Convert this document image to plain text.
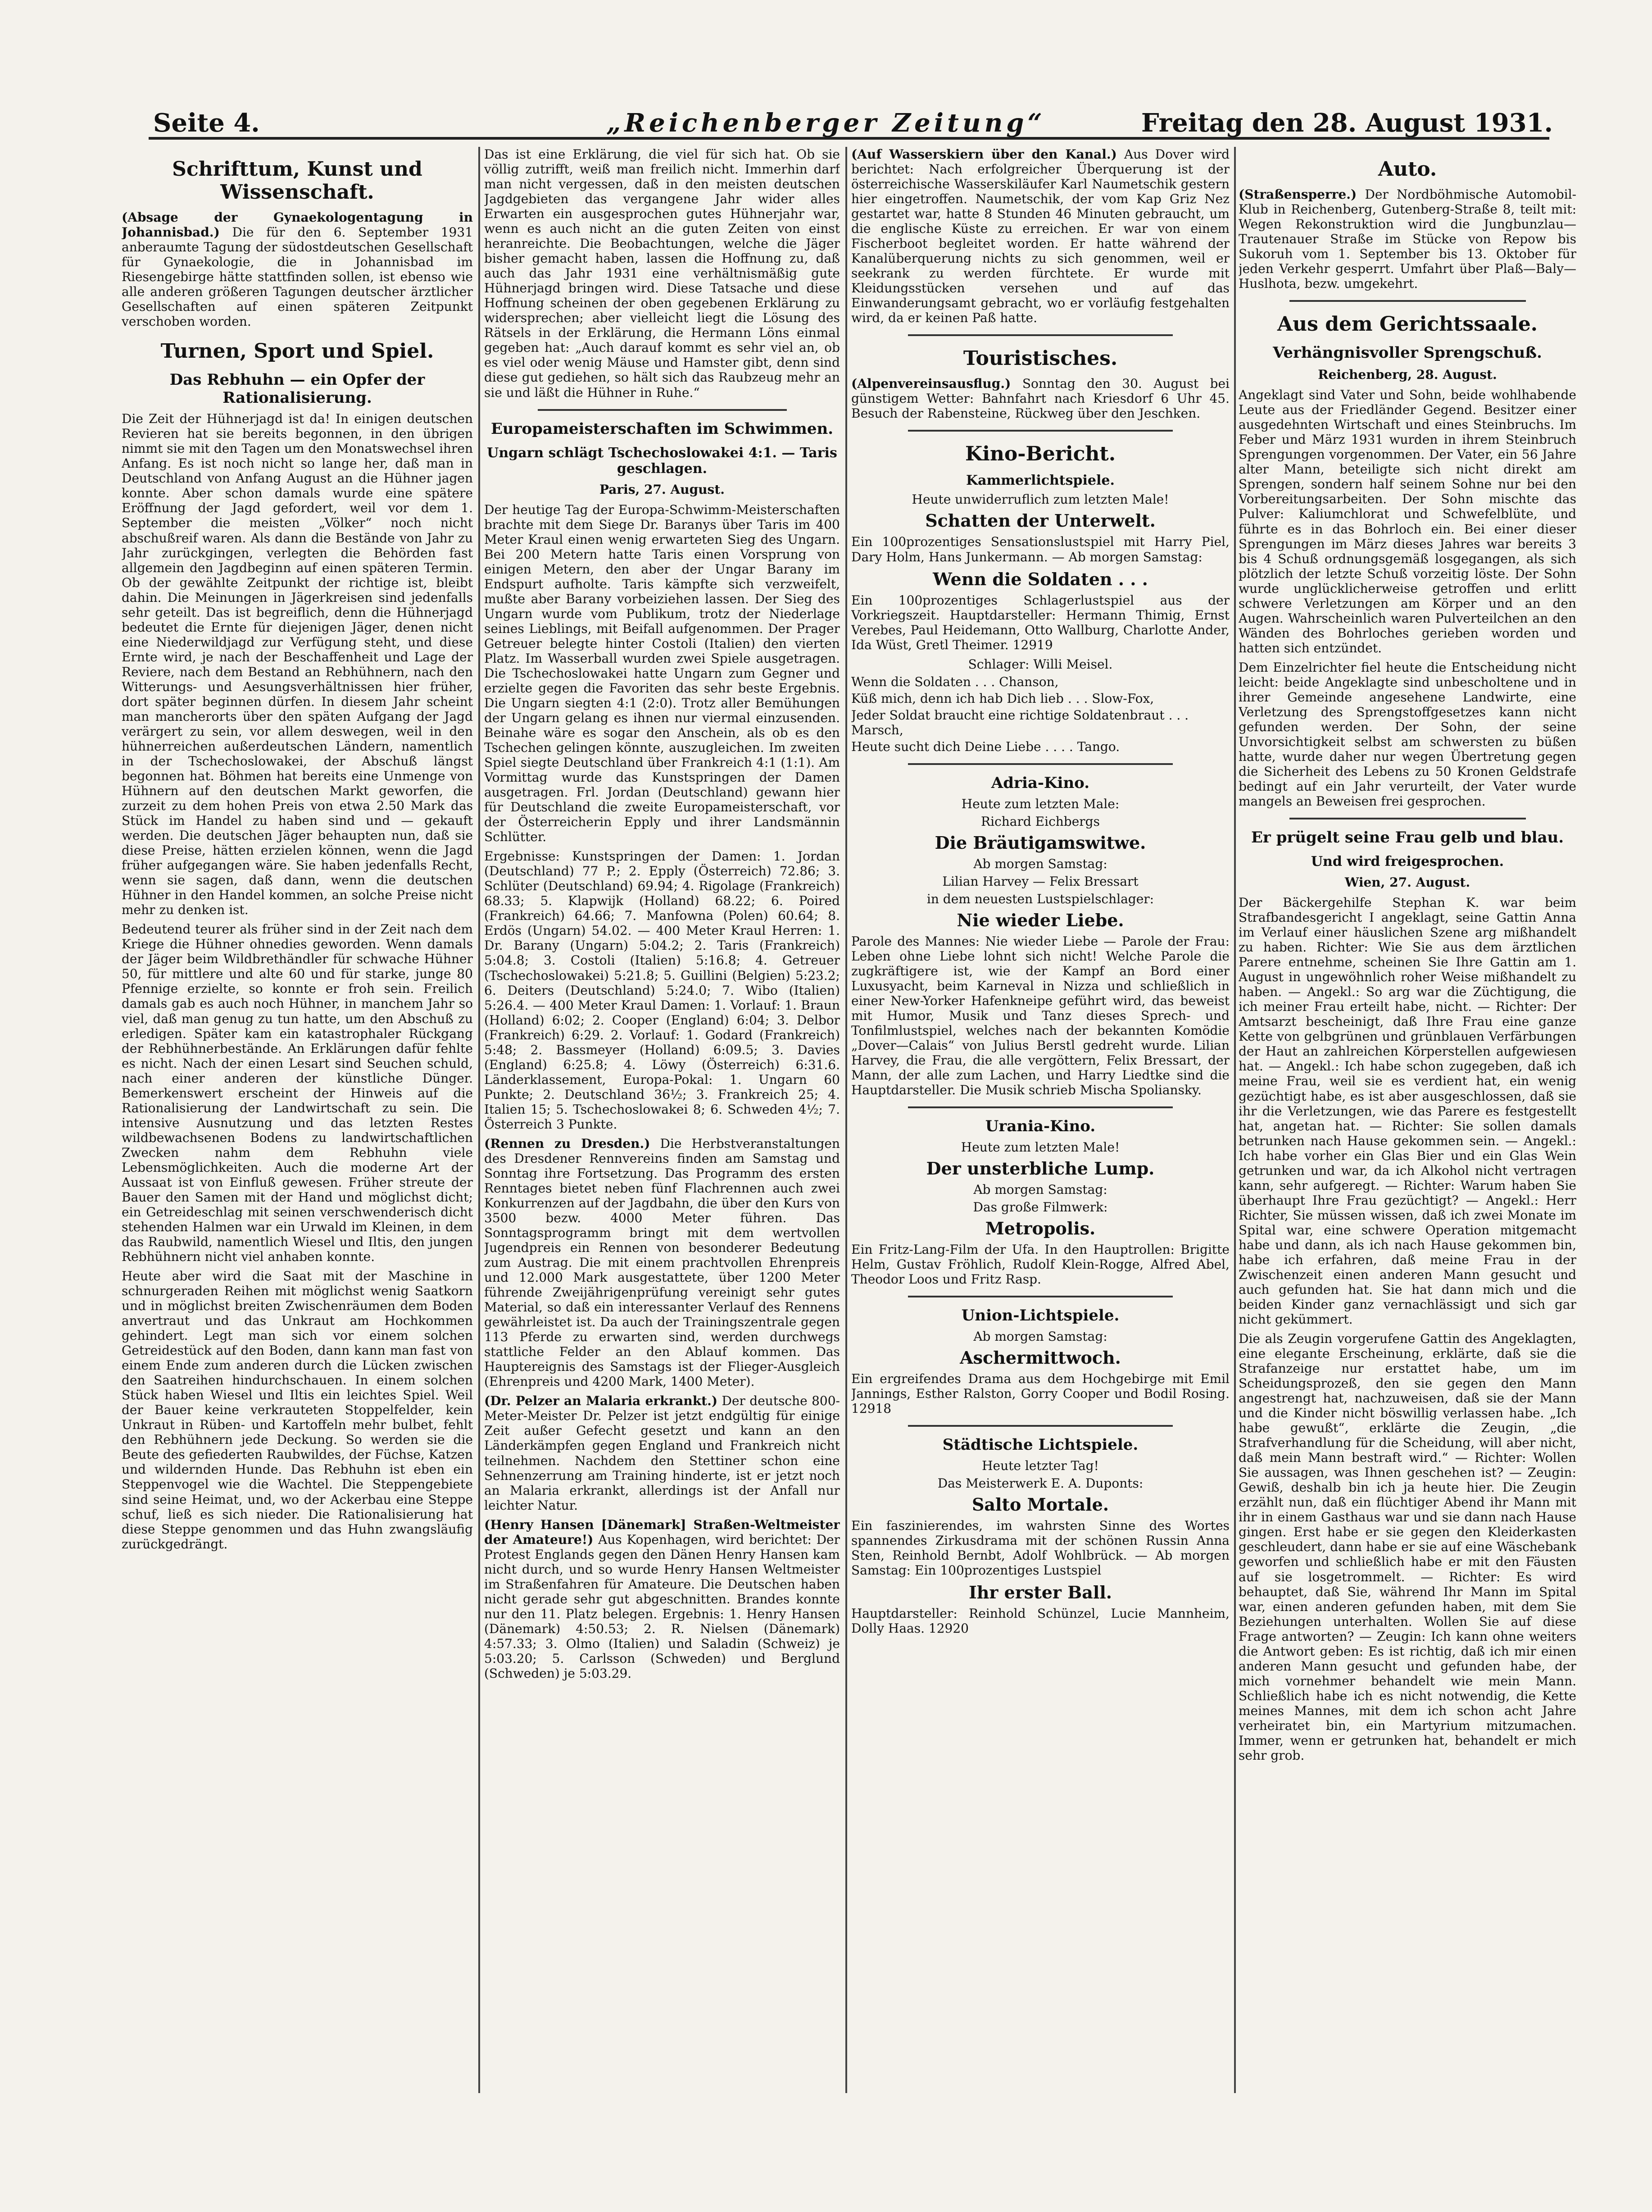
Seite 4.	„Reichenberger Zeitung“	Freitag den 28. August 1931.
Schrifttum, Kunst und Wissenschaft.
(Absage der Gynaekologentagung in Johannisbad.) Die für den 6. September 1931 anberaumte Tagung der südostdeutschen Gesellschaft für Gynaekologie, die in Johannisbad im Riesengebirge hätte stattfinden sollen, ist ebenso wie alle anderen größeren Tagungen deutscher ärztlicher Gesellschaften auf einen späteren Zeitpunkt verschoben worden.
Turnen, Sport und Spiel.
Das Rebhuhn — ein Opfer der Rationalisierung.
Die Zeit der Hühnerjagd ist da! In einigen deutschen Revieren hat sie bereits begonnen, in den übrigen nimmt sie mit den Tagen um den Monatswechsel ihren Anfang. Es ist noch nicht so lange her, daß man in Deutschland von Anfang August an die Hühner jagen konnte. Aber schon damals wurde eine spätere Eröffnung der Jagd gefordert, weil vor dem 1. September die meisten „Völker“ noch nicht abschußreif waren. Als dann die Bestände von Jahr zu Jahr zurückgingen, verlegten die Behörden fast allgemein den Jagdbeginn auf einen späteren Termin. Ob der gewählte Zeitpunkt der richtige ist, bleibt dahin. Die Meinungen in Jägerkreisen sind jedenfalls sehr geteilt. Das ist begreiflich, denn die Hühnerjagd bedeutet die Ernte für diejenigen Jäger, denen nicht eine Niederwildjagd zur Verfügung steht, und diese Ernte wird, je nach der Beschaffenheit und Lage der Reviere, nach dem Bestand an Rebhühnern, nach den Witterungs- und Aesungsverhältnissen hier früher, dort später beginnen dürfen. In diesem Jahr scheint man mancherorts über den späten Aufgang der Jagd verärgert zu sein, vor allem deswegen, weil in den hühnerreichen außerdeutschen Ländern, namentlich in der Tschechoslowakei, der Abschuß längst begonnen hat. Böhmen hat bereits eine Unmenge von Hühnern auf den deutschen Markt geworfen, die zurzeit zu dem hohen Preis von etwa 2.50 Mark das Stück im Handel zu haben sind und — gekauft werden. Die deutschen Jäger behaupten nun, daß sie diese Preise, hätten erzielen können, wenn die Jagd früher aufgegangen wäre. Sie haben jedenfalls Recht, wenn sie sagen, daß dann, wenn die deutschen Hühner in den Handel kommen, an solche Preise nicht mehr zu denken ist.
Bedeutend teurer als früher sind in der Zeit nach dem Kriege die Hühner ohnedies geworden. Wenn damals der Jäger beim Wildbrethändler für schwache Hühner 50, für mittlere und alte 60 und für starke, junge 80 Pfennige erzielte, so konnte er froh sein. Freilich damals gab es auch noch Hühner, in manchem Jahr so viel, daß man genug zu tun hatte, um den Abschuß zu erledigen. Später kam ein katastrophaler Rückgang der Rebhühnerbestände. An Erklärungen dafür fehlte es nicht. Nach der einen Lesart sind Seuchen schuld, nach einer anderen der künstliche Dünger. Bemerkenswert erscheint der Hinweis auf die Rationalisierung der Landwirtschaft zu sein. Die intensive Ausnutzung und das letzten Restes wildbewachsenen Bodens zu landwirtschaftlichen Zwecken nahm dem Rebhuhn viele Lebensmöglichkeiten. Auch die moderne Art der Aussaat ist von Einfluß gewesen. Früher streute der Bauer den Samen mit der Hand und möglichst dicht; ein Getreideschlag mit seinen verschwenderisch dicht stehenden Halmen war ein Urwald im Kleinen, in dem das Raubwild, namentlich Wiesel und Iltis, den jungen Rebhühnern nicht viel anhaben konnte.
Heute aber wird die Saat mit der Maschine in schnurgeraden Reihen mit möglichst wenig Saatkorn und in möglichst breiten Zwischenräumen dem Boden anvertraut und das Unkraut am Hochkommen gehindert. Legt man sich vor einem solchen Getreidestück auf den Boden, dann kann man fast von einem Ende zum anderen durch die Lücken zwischen den Saatreihen hindurchschauen. In einem solchen Stück haben Wiesel und Iltis ein leichtes Spiel. Weil der Bauer keine verkrauteten Stoppelfelder, kein Unkraut in Rüben- und Kartoffeln mehr bulbet, fehlt den Rebhühnern jede Deckung. So werden sie die Beute des gefiederten Raubwildes, der Füchse, Katzen und wildernden Hunde. Das Rebhuhn ist eben ein Steppenvogel wie die Wachtel. Die Steppengebiete sind seine Heimat, und, wo der Ackerbau eine Steppe schuf, ließ es sich nieder. Die Rationalisierung hat diese Steppe genommen und das Huhn zwangsläufig zurückgedrängt.
Das ist eine Erklärung, die viel für sich hat. Ob sie völlig zutrifft, weiß man freilich nicht. Immerhin darf man nicht vergessen, daß in den meisten deutschen Jagdgebieten das vergangene Jahr wider alles Erwarten ein ausgesprochen gutes Hühnerjahr war, wenn es auch nicht an die guten Zeiten von einst heranreichte. Die Beobachtungen, welche die Jäger bisher gemacht haben, lassen die Hoffnung zu, daß auch das Jahr 1931 eine verhältnismäßig gute Hühnerjagd bringen wird. Diese Tatsache und diese Hoffnung scheinen der oben gegebenen Erklärung zu widersprechen; aber vielleicht liegt die Lösung des Rätsels in der Erklärung, die Hermann Löns einmal gegeben hat: „Auch darauf kommt es sehr viel an, ob es viel oder wenig Mäuse und Hamster gibt, denn sind diese gut gediehen, so hält sich das Raubzeug mehr an sie und läßt die Hühner in Ruhe.“
Europameisterschaften im Schwimmen.
Ungarn schlägt Tschechoslowakei 4:1. — Taris geschlagen.
Paris, 27. August.
Der heutige Tag der Europa-Schwimm-Meisterschaften brachte mit dem Siege Dr. Baranys über Taris im 400 Meter Kraul einen wenig erwarteten Sieg des Ungarn. Bei 200 Metern hatte Taris einen Vorsprung von einigen Metern, den aber der Ungar Barany im Endspurt aufholte. Taris kämpfte sich verzweifelt, mußte aber Barany vorbeiziehen lassen. Der Sieg des Ungarn wurde vom Publikum, trotz der Niederlage seines Lieblings, mit Beifall aufgenommen. Der Prager Getreuer belegte hinter Costoli (Italien) den vierten Platz. Im Wasserball wurden zwei Spiele ausgetragen. Die Tschechoslowakei hatte Ungarn zum Gegner und erzielte gegen die Favoriten das sehr beste Ergebnis. Die Ungarn siegten 4:1 (2:0). Trotz aller Bemühungen der Ungarn gelang es ihnen nur viermal einzusenden. Beinahe wäre es sogar den Anschein, als ob es den Tschechen gelingen könnte, auszugleichen. Im zweiten Spiel siegte Deutschland über Frankreich 4:1 (1:1). Am Vormittag wurde das Kunstspringen der Damen ausgetragen. Frl. Jordan (Deutschland) gewann hier für Deutschland die zweite Europameisterschaft, vor der Österreicherin Epply und ihrer Landsmännin Schlütter.
Ergebnisse: Kunstspringen der Damen: 1. Jordan (Deutschland) 77 P.; 2. Epply (Österreich) 72.86; 3. Schlüter (Deutschland) 69.94; 4. Rigolage (Frankreich) 68.33; 5. Klapwijk (Holland) 68.22; 6. Poired (Frankreich) 64.66; 7. Manfowna (Polen) 60.64; 8. Erdös (Ungarn) 54.02. — 400 Meter Kraul Herren: 1. Dr. Barany (Ungarn) 5:04.2; 2. Taris (Frankreich) 5:04.8; 3. Costoli (Italien) 5:16.8; 4. Getreuer (Tschechoslowakei) 5:21.8; 5. Guillini (Belgien) 5:23.2; 6. Deiters (Deutschland) 5:24.0; 7. Wibo (Italien) 5:26.4. — 400 Meter Kraul Damen: 1. Vorlauf: 1. Braun (Holland) 6:02; 2. Cooper (England) 6:04; 3. Delbor (Frankreich) 6:29. 2. Vorlauf: 1. Godard (Frankreich) 5:48; 2. Bassmeyer (Holland) 6:09.5; 3. Davies (England) 6:25.8; 4. Löwy (Österreich) 6:31.6. Länderklassement, Europa-Pokal: 1. Ungarn 60 Punkte; 2. Deutschland 36½; 3. Frankreich 25; 4. Italien 15; 5. Tschechoslowakei 8; 6. Schweden 4½; 7. Österreich 3 Punkte.
(Rennen zu Dresden.) Die Herbstveranstaltungen des Dresdener Rennvereins finden am Samstag und Sonntag ihre Fortsetzung. Das Programm des ersten Renntages bietet neben fünf Flachrennen auch zwei Konkurrenzen auf der Jagdbahn, die über den Kurs von 3500 bezw. 4000 Meter führen. Das Sonntagsprogramm bringt mit dem wertvollen Jugendpreis ein Rennen von besonderer Bedeutung zum Austrag. Die mit einem prachtvollen Ehrenpreis und 12.000 Mark ausgestattete, über 1200 Meter führende Zweijährigenprüfung vereinigt sehr gutes Material, so daß ein interessanter Verlauf des Rennens gewährleistet ist. Da auch der Trainingszentrale gegen 113 Pferde zu erwarten sind, werden durchwegs stattliche Felder an den Ablauf kommen. Das Hauptereignis des Samstags ist der Flieger-Ausgleich (Ehrenpreis und 4200 Mark, 1400 Meter).
(Dr. Pelzer an Malaria erkrankt.) Der deutsche 800-Meter-Meister Dr. Pelzer ist jetzt endgültig für einige Zeit außer Gefecht gesetzt und kann an den Länderkämpfen gegen England und Frankreich nicht teilnehmen. Nachdem den Stettiner schon eine Sehnenzerrung am Training hinderte, ist er jetzt noch an Malaria erkrankt, allerdings ist der Anfall nur leichter Natur.
(Henry Hansen [Dänemark] Straßen-Weltmeister der Amateure!) Aus Kopenhagen, wird berichtet: Der Protest Englands gegen den Dänen Henry Hansen kam nicht durch, und so wurde Henry Hansen Weltmeister im Straßenfahren für Amateure. Die Deutschen haben nicht gerade sehr gut abgeschnitten. Brandes konnte nur den 11. Platz belegen. Ergebnis: 1. Henry Hansen (Dänemark) 4:50.53; 2. R. Nielsen (Dänemark) 4:57.33; 3. Olmo (Italien) und Saladin (Schweiz) je 5:03.20; 5. Carlsson (Schweden) und Berglund (Schweden) je 5:03.29.
(Auf Wasserskiern über den Kanal.) Aus Dover wird berichtet: Nach erfolgreicher Überquerung ist der österreichische Wasserskiläufer Karl Naumetschik gestern hier eingetroffen. Naumetschik, der vom Kap Griz Nez gestartet war, hatte 8 Stunden 46 Minuten gebraucht, um die englische Küste zu erreichen. Er war von einem Fischerboot begleitet worden. Er hatte während der Kanalüberquerung nichts zu sich genommen, weil er seekrank zu werden fürchtete. Er wurde mit Kleidungsstücken versehen und auf das Einwanderungsamt gebracht, wo er vorläufig festgehalten wird, da er keinen Paß hatte.
Touristisches.
(Alpenvereinsausflug.) Sonntag den 30. August bei günstigem Wetter: Bahnfahrt nach Kriesdorf 6 Uhr 45. Besuch der Rabensteine, Rückweg über den Jeschken.
Kino-Bericht.
Kammerlichtspiele.
Heute unwiderruflich zum letzten Male!
Schatten der Unterwelt.
Ein 100prozentiges Sensationslustspiel mit Harry Piel, Dary Holm, Hans Junkermann. — Ab morgen Samstag:
Wenn die Soldaten . . .
Ein 100prozentiges Schlagerlustspiel aus der Vorkriegszeit. Hauptdarsteller: Hermann Thimig, Ernst Verebes, Paul Heidemann, Otto Wallburg, Charlotte Ander, Ida Wüst, Gretl Theimer. 12919
Schlager: Willi Meisel.
Wenn die Soldaten . . . Chanson,
Küß mich, denn ich hab Dich lieb . . . Slow-Fox,
Jeder Soldat braucht eine richtige Soldatenbraut . . . Marsch,
Heute sucht dich Deine Liebe . . . . Tango.
Adria-Kino.
Heute zum letzten Male:
Richard Eichbergs
Die Bräutigamswitwe.
Ab morgen Samstag:
Lilian Harvey — Felix Bressart
in dem neuesten Lustspielschlager:
Nie wieder Liebe.
Parole des Mannes: Nie wieder Liebe — Parole der Frau: Leben ohne Liebe lohnt sich nicht! Welche Parole die zugkräftigere ist, wie der Kampf an Bord einer Luxusyacht, beim Karneval in Nizza und schließlich in einer New-Yorker Hafenkneipe geführt wird, das beweist mit Humor, Musik und Tanz dieses Sprech- und Tonfilmlustspiel, welches nach der bekannten Komödie „Dover—Calais“ von Julius Berstl gedreht wurde. Lilian Harvey, die Frau, die alle vergöttern, Felix Bressart, der Mann, der alle zum Lachen, und Harry Liedtke sind die Hauptdarsteller. Die Musik schrieb Mischa Spoliansky.
Urania-Kino.
Heute zum letzten Male!
Der unsterbliche Lump.
Ab morgen Samstag:
Das große Filmwerk:
Metropolis.
Ein Fritz-Lang-Film der Ufa. In den Hauptrollen: Brigitte Helm, Gustav Fröhlich, Rudolf Klein-Rogge, Alfred Abel, Theodor Loos und Fritz Rasp.
Union-Lichtspiele.
Ab morgen Samstag:
Aschermittwoch.
Ein ergreifendes Drama aus dem Hochgebirge mit Emil Jannings, Esther Ralston, Gorry Cooper und Bodil Rosing. 12918
Städtische Lichtspiele.
Heute letzter Tag!
Das Meisterwerk E. A. Duponts:
Salto Mortale.
Ein faszinierendes, im wahrsten Sinne des Wortes spannendes Zirkusdrama mit der schönen Russin Anna Sten, Reinhold Bernbt, Adolf Wohlbrück. — Ab morgen Samstag: Ein 100prozentiges Lustspiel
Ihr erster Ball.
Hauptdarsteller: Reinhold Schünzel, Lucie Mannheim, Dolly Haas. 12920
Auto.
(Straßensperre.) Der Nordböhmische Automobil-Klub in Reichenberg, Gutenberg-Straße 8, teilt mit: Wegen Rekonstruktion wird die Jungbunzlau—Trautenauer Straße im Stücke von Repow bis Sukoruh vom 1. September bis 13. Oktober für jeden Verkehr gesperrt. Umfahrt über Plaß—Baly—Huslhota, bezw. umgekehrt.
Aus dem Gerichtssaale.
Verhängnisvoller Sprengschuß.
Reichenberg, 28. August.
Angeklagt sind Vater und Sohn, beide wohlhabende Leute aus der Friedländer Gegend. Besitzer einer ausgedehnten Wirtschaft und eines Steinbruchs. Im Feber und März 1931 wurden in ihrem Steinbruch Sprengungen vorgenommen. Der Vater, ein 56 Jahre alter Mann, beteiligte sich nicht direkt am Sprengen, sondern half seinem Sohne nur bei den Vorbereitungsarbeiten. Der Sohn mischte das Pulver: Kaliumchlorat und Schwefelblüte, und führte es in das Bohrloch ein. Bei einer dieser Sprengungen im März dieses Jahres war bereits 3 bis 4 Schuß ordnungsgemäß losgegangen, als sich plötzlich der letzte Schuß vorzeitig löste. Der Sohn wurde unglücklicherweise getroffen und erlitt schwere Verletzungen am Körper und an den Augen. Wahrscheinlich waren Pulverteilchen an den Wänden des Bohrloches gerieben worden und hatten sich entzündet.
Dem Einzelrichter fiel heute die Entscheidung nicht leicht: beide Angeklagte sind unbescholtene und in ihrer Gemeinde angesehene Landwirte, eine Verletzung des Sprengstoffgesetzes kann nicht gefunden werden. Der Sohn, der seine Unvorsichtigkeit selbst am schwersten zu büßen hatte, wurde daher nur wegen Übertretung gegen die Sicherheit des Lebens zu 50 Kronen Geldstrafe bedingt auf ein Jahr verurteilt, der Vater wurde mangels an Beweisen frei gesprochen.
Er prügelt seine Frau gelb und blau.
Und wird freigesprochen.
Wien, 27. August.
Der Bäckergehilfe Stephan K. war beim Strafbandesgericht I angeklagt, seine Gattin Anna im Verlauf einer häuslichen Szene arg mißhandelt zu haben. Richter: Wie Sie aus dem ärztlichen Parere entnehme, scheinen Sie Ihre Gattin am 1. August in ungewöhnlich roher Weise mißhandelt zu haben. — Angekl.: So arg war die Züchtigung, die ich meiner Frau erteilt habe, nicht. — Richter: Der Amtsarzt bescheinigt, daß Ihre Frau eine ganze Kette von gelbgrünen und grünblauen Verfärbungen der Haut an zahlreichen Körperstellen aufgewiesen hat. — Angekl.: Ich habe schon zugegeben, daß ich meine Frau, weil sie es verdient hat, ein wenig gezüchtigt habe, es ist aber ausgeschlossen, daß sie ihr die Verletzungen, wie das Parere es festgestellt hat, angetan hat. — Richter: Sie sollen damals betrunken nach Hause gekommen sein. — Angekl.: Ich habe vorher ein Glas Bier und ein Glas Wein getrunken und war, da ich Alkohol nicht vertragen kann, sehr aufgeregt. — Richter: Warum haben Sie überhaupt Ihre Frau gezüchtigt? — Angekl.: Herr Richter, Sie müssen wissen, daß ich zwei Monate im Spital war, eine schwere Operation mitgemacht habe und dann, als ich nach Hause gekommen bin, habe ich erfahren, daß meine Frau in der Zwischenzeit einen anderen Mann gesucht und auch gefunden hat. Sie hat dann mich und die beiden Kinder ganz vernachlässigt und sich gar nicht gekümmert.
Die als Zeugin vorgerufene Gattin des Angeklagten, eine elegante Erscheinung, erklärte, daß sie die Strafanzeige nur erstattet habe, um im Scheidungsprozeß, den sie gegen den Mann angestrengt hat, nachzuweisen, daß sie der Mann und die Kinder nicht böswillig verlassen habe. „Ich habe gewußt“, erklärte die Zeugin, „die Strafverhandlung für die Scheidung, will aber nicht, daß mein Mann bestraft wird.“ — Richter: Wollen Sie aussagen, was Ihnen geschehen ist? — Zeugin: Gewiß, deshalb bin ich ja heute hier. Die Zeugin erzählt nun, daß ein flüchtiger Abend ihr Mann mit ihr in einem Gasthaus war und sie dann nach Hause gingen. Erst habe er sie gegen den Kleiderkasten geschleudert, dann habe er sie auf eine Wäschebank geworfen und schließlich habe er mit den Fäusten auf sie losgetrommelt. — Richter: Es wird behauptet, daß Sie, während Ihr Mann im Spital war, einen anderen gefunden haben, mit dem Sie Beziehungen unterhalten. Wollen Sie auf diese Frage antworten? — Zeugin: Ich kann ohne weiters die Antwort geben: Es ist richtig, daß ich mir einen anderen Mann gesucht und gefunden habe, der mich vornehmer behandelt wie mein Mann. Schließlich habe ich es nicht notwendig, die Kette meines Mannes, mit dem ich schon acht Jahre verheiratet bin, ein Martyrium mitzumachen. Immer, wenn er getrunken hat, behandelt er mich sehr grob.
